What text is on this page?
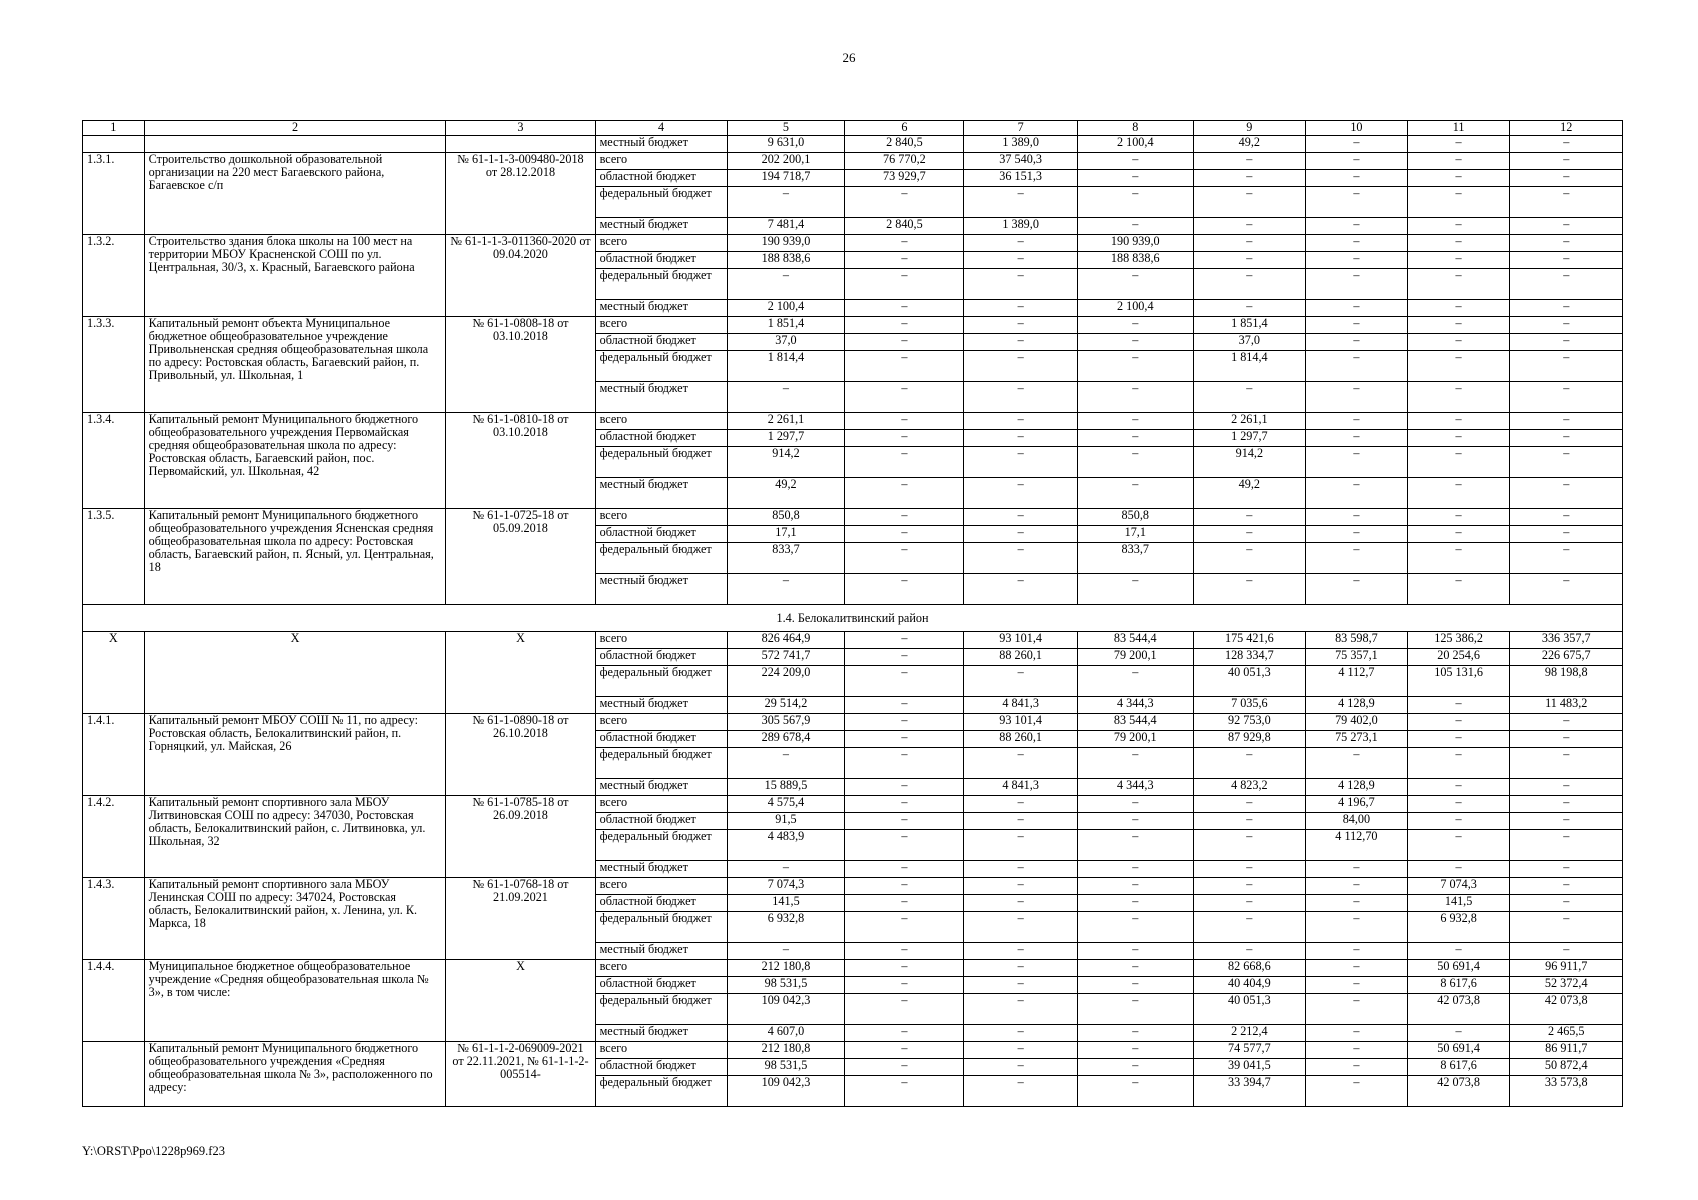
26
1	2	3	4	5	6	7	8	9	10	11	12
			местный бюджет	9 631,0	2 840,5	1 389,0	2 100,4	49,2	–	–	–
1.3.1.	Строительство дошкольной образовательной организации на 220 мест Багаевского района, Багаевское с/п	№ 61-1-1-3-009480-2018 от 28.12.2018	всего	202 200,1	76 770,2	37 540,3	–	–	–	–	–
			областной бюджет	194 718,7	73 929,7	36 151,3	–	–	–	–	–
			федеральный бюджет	–	–	–	–	–	–	–	–
			местный бюджет	7 481,4	2 840,5	1 389,0	–	–	–	–	–
1.3.2.	Строительство здания блока школы на 100 мест на территории МБОУ Красненской СОШ по ул. Центральная, 30/3, х. Красный, Багаевского района	№ 61-1-1-3-011360-2020 от 09.04.2020	всего	190 939,0	–	–	190 939,0	–	–	–	–
			областной бюджет	188 838,6	–	–	188 838,6	–	–	–	–
			федеральный бюджет	–	–	–	–	–	–	–	–
			местный бюджет	2 100,4	–	–	2 100,4	–	–	–	–
1.3.3.	Капитальный ремонт объекта Муниципальное бюджетное общеобразовательное учреждение Привольненская средняя общеобразовательная школа по адресу: Ростовская область, Багаевский район, п. Привольный, ул. Школьная, 1	№ 61-1-0808-18 от 03.10.2018	всего	1 851,4	–	–	–	1 851,4	–	–	–
			областной бюджет	37,0	–	–	–	37,0	–	–	–
			федеральный бюджет	1 814,4	–	–	–	1 814,4	–	–	–
			местный бюджет	–	–	–	–	–	–	–	–
1.3.4.	Капитальный ремонт Муниципального бюджетного общеобразовательного учреждения Первомайская средняя общеобразовательная школа по адресу: Ростовская область, Багаевский район, пос. Первомайский, ул. Школьная, 42	№ 61-1-0810-18 от 03.10.2018	всего	2 261,1	–	–	–	2 261,1	–	–	–
			областной бюджет	1 297,7	–	–	–	1 297,7	–	–	–
			федеральный бюджет	914,2	–	–	–	914,2	–	–	–
			местный бюджет	49,2	–	–	–	49,2	–	–	–
1.3.5.	Капитальный ремонт Муниципального бюджетного общеобразовательного учреждения Ясненская средняя общеобразовательная школа по адресу: Ростовская область, Багаевский район, п. Ясный, ул. Центральная, 18	№ 61-1-0725-18 от 05.09.2018	всего	850,8	–	–	850,8	–	–	–	–
			областной бюджет	17,1	–	–	17,1	–	–	–	–
			федеральный бюджет	833,7	–	–	833,7	–	–	–	–
			местный бюджет	–	–	–	–	–	–	–	–
1.4. Белокалитвинский район											
Х	Х	Х	всего	826 464,9	–	93 101,4	83 544,4	175 421,6	83 598,7	125 386,2	336 357,7
			областной бюджет	572 741,7	–	88 260,1	79 200,1	128 334,7	75 357,1	20 254,6	226 675,7
			федеральный бюджет	224 209,0	–	–	–	40 051,3	4 112,7	105 131,6	98 198,8
			местный бюджет	29 514,2	–	4 841,3	4 344,3	7 035,6	4 128,9	–	11 483,2
1.4.1.	Капитальный ремонт МБОУ СОШ № 11, по адресу: Ростовская область, Белокалитвинский район, п. Горняцкий, ул. Майская, 26	№ 61-1-0890-18 от 26.10.2018	всего	305 567,9	–	93 101,4	83 544,4	92 753,0	79 402,0	–	–
			областной бюджет	289 678,4	–	88 260,1	79 200,1	87 929,8	75 273,1	–	–
			федеральный бюджет	–	–	–	–	–	–	–	–
			местный бюджет	15 889,5	–	4 841,3	4 344,3	4 823,2	4 128,9	–	–
1.4.2.	Капитальный ремонт спортивного зала МБОУ Литвиновская СОШ по адресу: 347030, Ростовская область, Белокалитвинский район, с. Литвиновка, ул. Школьная, 32	№ 61-1-0785-18 от 26.09.2018	всего	4 575,4	–	–	–	–	4 196,7	–	–
			областной бюджет	91,5	–	–	–	–	84,00	–	–
			федеральный бюджет	4 483,9	–	–	–	–	4 112,70	–	–
			местный бюджет	–	–	–	–	–	–	–	–
1.4.3.	Капитальный ремонт спортивного зала МБОУ Ленинская СОШ по адресу: 347024, Ростовская область, Белокалитвинский район, х. Ленина, ул. К. Маркса, 18	№ 61-1-0768-18 от 21.09.2021	всего	7 074,3	–	–	–	–	–	7 074,3	–
			областной бюджет	141,5	–	–	–	–	–	141,5	–
			федеральный бюджет	6 932,8	–	–	–	–	–	6 932,8	–
			местный бюджет	–	–	–	–	–	–	–	–
1.4.4.	Муниципальное бюджетное общеобразовательное учреждение «Средняя общеобразовательная школа № 3», в том числе:	Х	всего	212 180,8	–	–	–	82 668,6	–	50 691,4	96 911,7
			областной бюджет	98 531,5	–	–	–	40 404,9	–	8 617,6	52 372,4
			федеральный бюджет	109 042,3	–	–	–	40 051,3	–	42 073,8	42 073,8
			местный бюджет	4 607,0	–	–	–	2 212,4	–	–	2 465,5
	Капитальный ремонт Муниципального бюджетного общеобразовательного учреждения «Средняя общеобразовательная школа № 3», расположенного по адресу:	№ 61-1-1-2-069009-2021 от 22.11.2021, № 61-1-1-2-005514-	всего	212 180,8	–	–	–	74 577,7	–	50 691,4	86 911,7
			областной бюджет	98 531,5	–	–	–	39 041,5	–	8 617,6	50 872,4
			федеральный бюджет	109 042,3	–	–	–	33 394,7	–	42 073,8	33 573,8
Y:\ORST\Ppo\1228p969.f23
